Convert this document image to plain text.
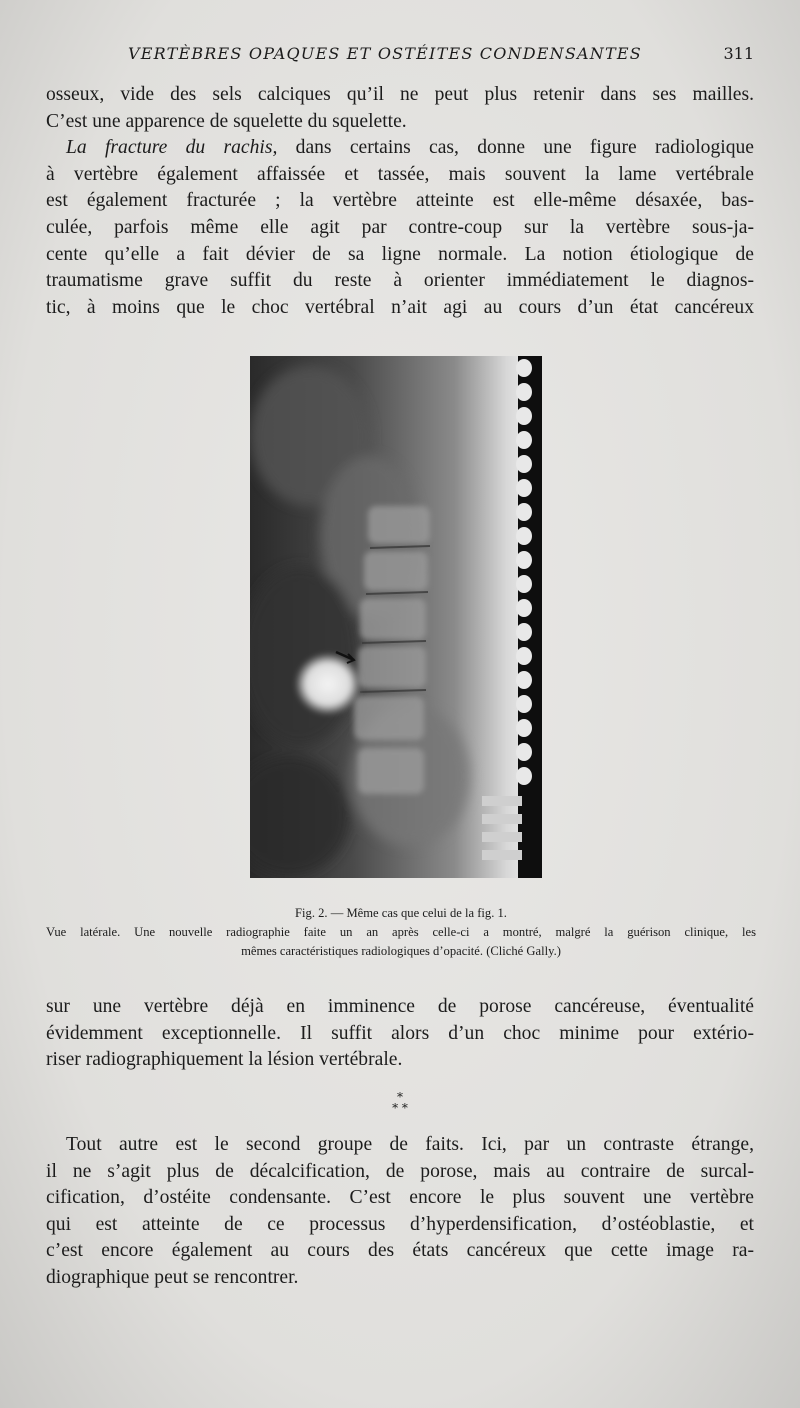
VERTÈBRES OPAQUES ET OSTÉITES CONDENSANTES	311
osseux, vide des sels calciques qu’il ne peut plus retenir dans ses mailles.
C’est une apparence de squelette du squelette.
La fracture du rachis, dans certains cas, donne une figure radiologique
à vertèbre également affaissée et tassée, mais souvent la lame vertébrale
est également fracturée ; la vertèbre atteinte est elle-même désaxée, bas-
culée, parfois même elle agit par contre-coup sur la vertèbre sous-ja-
cente qu’elle a fait dévier de sa ligne normale. La notion étiologique de
traumatisme grave suffit du reste à orienter immédiatement le diagnos-
tic, à moins que le choc vertébral n’ait agi au cours d’un état cancéreux
Fig. 2. — Même cas que celui de la fig. 1.
Vue latérale. Une nouvelle radiographie faite un an après celle-ci a montré, malgré la guérison clinique, les
mêmes caractéristiques radiologiques d’opacité. (Cliché Gally.)
sur une vertèbre déjà en imminence de porose cancéreuse, éventualité
évidemment exceptionnelle. Il suffit alors d’un choc minime pour extério-
riser radiographiquement la lésion vertébrale.
*
* *
Tout autre est le second groupe de faits. Ici, par un contraste étrange,
il ne s’agit plus de décalcification, de porose, mais au contraire de surcal-
cification, d’ostéite condensante. C’est encore le plus souvent une vertèbre
qui est atteinte de ce processus d’hyperdensification, d’ostéoblastie, et
c’est encore également au cours des états cancéreux que cette image ra-
diographique peut se rencontrer.
